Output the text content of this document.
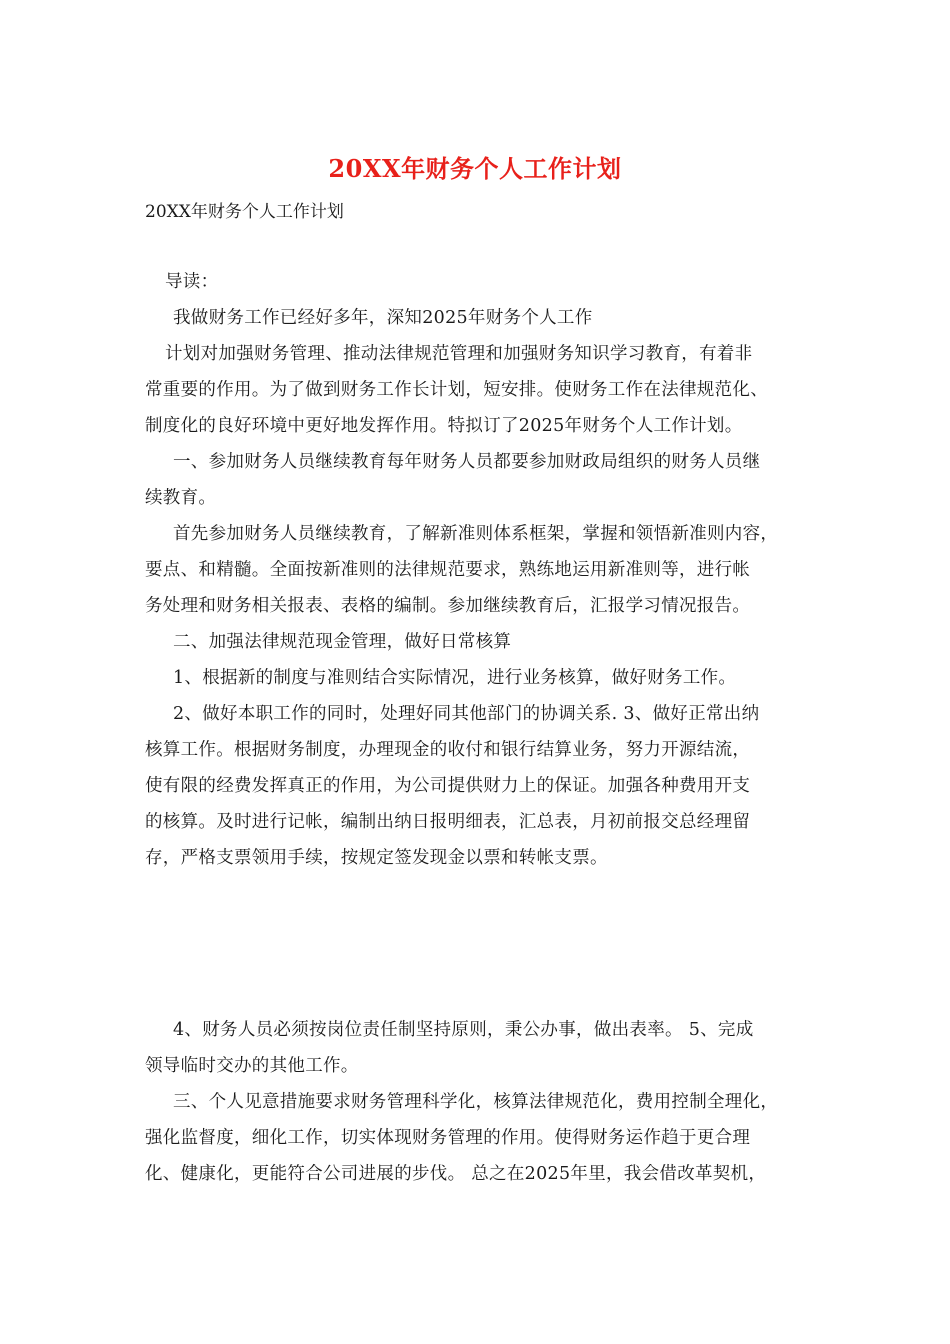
20XX年财务个人工作计划
20XX年财务个人工作计划
导读：
我做财务工作已经好多年，深知2025年财务个人工作
计划对加强财务管理、推动法律规范管理和加强财务知识学习教育，有着非
常重要的作用。为了做到财务工作长计划，短安排。使财务工作在法律规范化、
制度化的良好环境中更好地发挥作用。特拟订了2025年财务个人工作计划。
一、参加财务人员继续教育每年财务人员都要参加财政局组织的财务人员继
续教育。
首先参加财务人员继续教育，了解新准则体系框架，掌握和领悟新准则内容，
要点、和精髓。全面按新准则的法律规范要求，熟练地运用新准则等，进行帐
务处理和财务相关报表、表格的编制。参加继续教育后，汇报学习情况报告。
二、加强法律规范现金管理，做好日常核算
1、根据新的制度与准则结合实际情况，进行业务核算，做好财务工作。
2、做好本职工作的同时，处理好同其他部门的协调关系. 3、做好正常出纳
核算工作。根据财务制度，办理现金的收付和银行结算业务，努力开源结流，
使有限的经费发挥真正的作用，为公司提供财力上的保证。加强各种费用开支
的核算。及时进行记帐，编制出纳日报明细表，汇总表，月初前报交总经理留
存，严格支票领用手续，按规定签发现金以票和转帐支票。
4、财务人员必须按岗位责任制坚持原则，秉公办事，做出表率。 5、完成
领导临时交办的其他工作。
三、个人见意措施要求财务管理科学化，核算法律规范化，费用控制全理化，
强化监督度，细化工作，切实体现财务管理的作用。使得财务运作趋于更合理
化、健康化，更能符合公司进展的步伐。 总之在2025年里，我会借改革契机，
